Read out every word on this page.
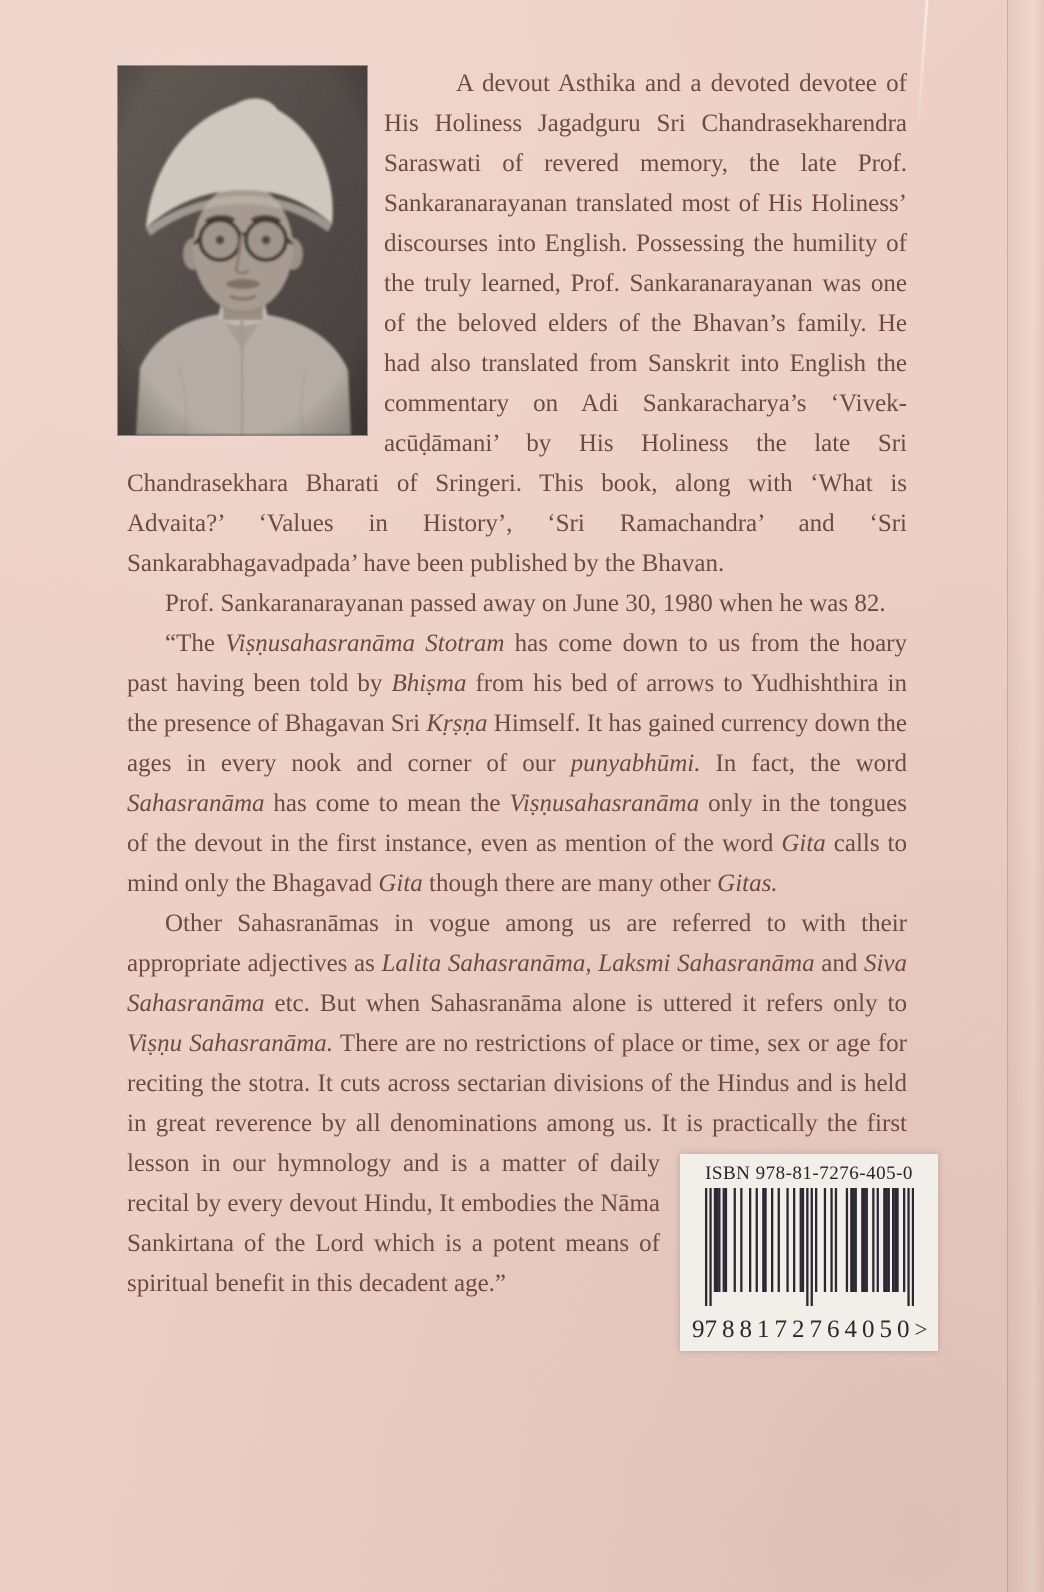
A devout Asthika and a devoted devotee of His Holiness Jagadguru Sri Chandrasekharendra Saraswati of revered memory, the late Prof. Sankaranarayanan translated most of His Holiness’ discourses into English. Possessing the humility of the truly learned, Prof. Sankaranarayanan was one of the beloved elders of the Bhavan’s family. He had also translated from Sanskrit into English the commentary on Adi Sankaracharya’s ‘Vivek-acūḍāmani’ by His Holiness the late Sri Chandrasekhara Bharati of Sringeri. This book, along with ‘What is Advaita?’ ‘Values in History’, ‘Sri Ramachandra’ and ‘Sri Sankarabhagavadpada’ have been published by the Bhavan.

Prof. Sankaranarayanan passed away on June 30, 1980 when he was 82.

“The Viṣṇusahasranāma Stotram has come down to us from the hoary past having been told by Bhiṣma from his bed of arrows to Yudhishthira in the presence of Bhagavan Sri Kṛṣṇa Himself. It has gained currency down the ages in every nook and corner of our punyabhūmi. In fact, the word Sahasranāma has come to mean the Viṣṇusahasranāma only in the tongues of the devout in the first instance, even as mention of the word Gita calls to mind only the Bhagavad Gita though there are many other Gitas.

Other Sahasranāmas in vogue among us are referred to with their appropriate adjectives as Lalita Sahasranāma, Laksmi Sahasranāma and Siva Sahasranāma etc. But when Sahasranāma alone is uttered it refers only to Viṣṇu Sahasranāma. There are no restrictions of place or time, sex or age for reciting the stotra. It cuts across sectarian divisions of the Hindus and is held in great reverence by all denominations among us. It is practically the first

ISBN 978-81-7276-405-0
9 788172 764050 >

lesson in our hymnology and is a matter of daily recital by every devout Hindu, It embodies the Nāma Sankirtana of the Lord which is a potent means of spiritual benefit in this decadent age.”
